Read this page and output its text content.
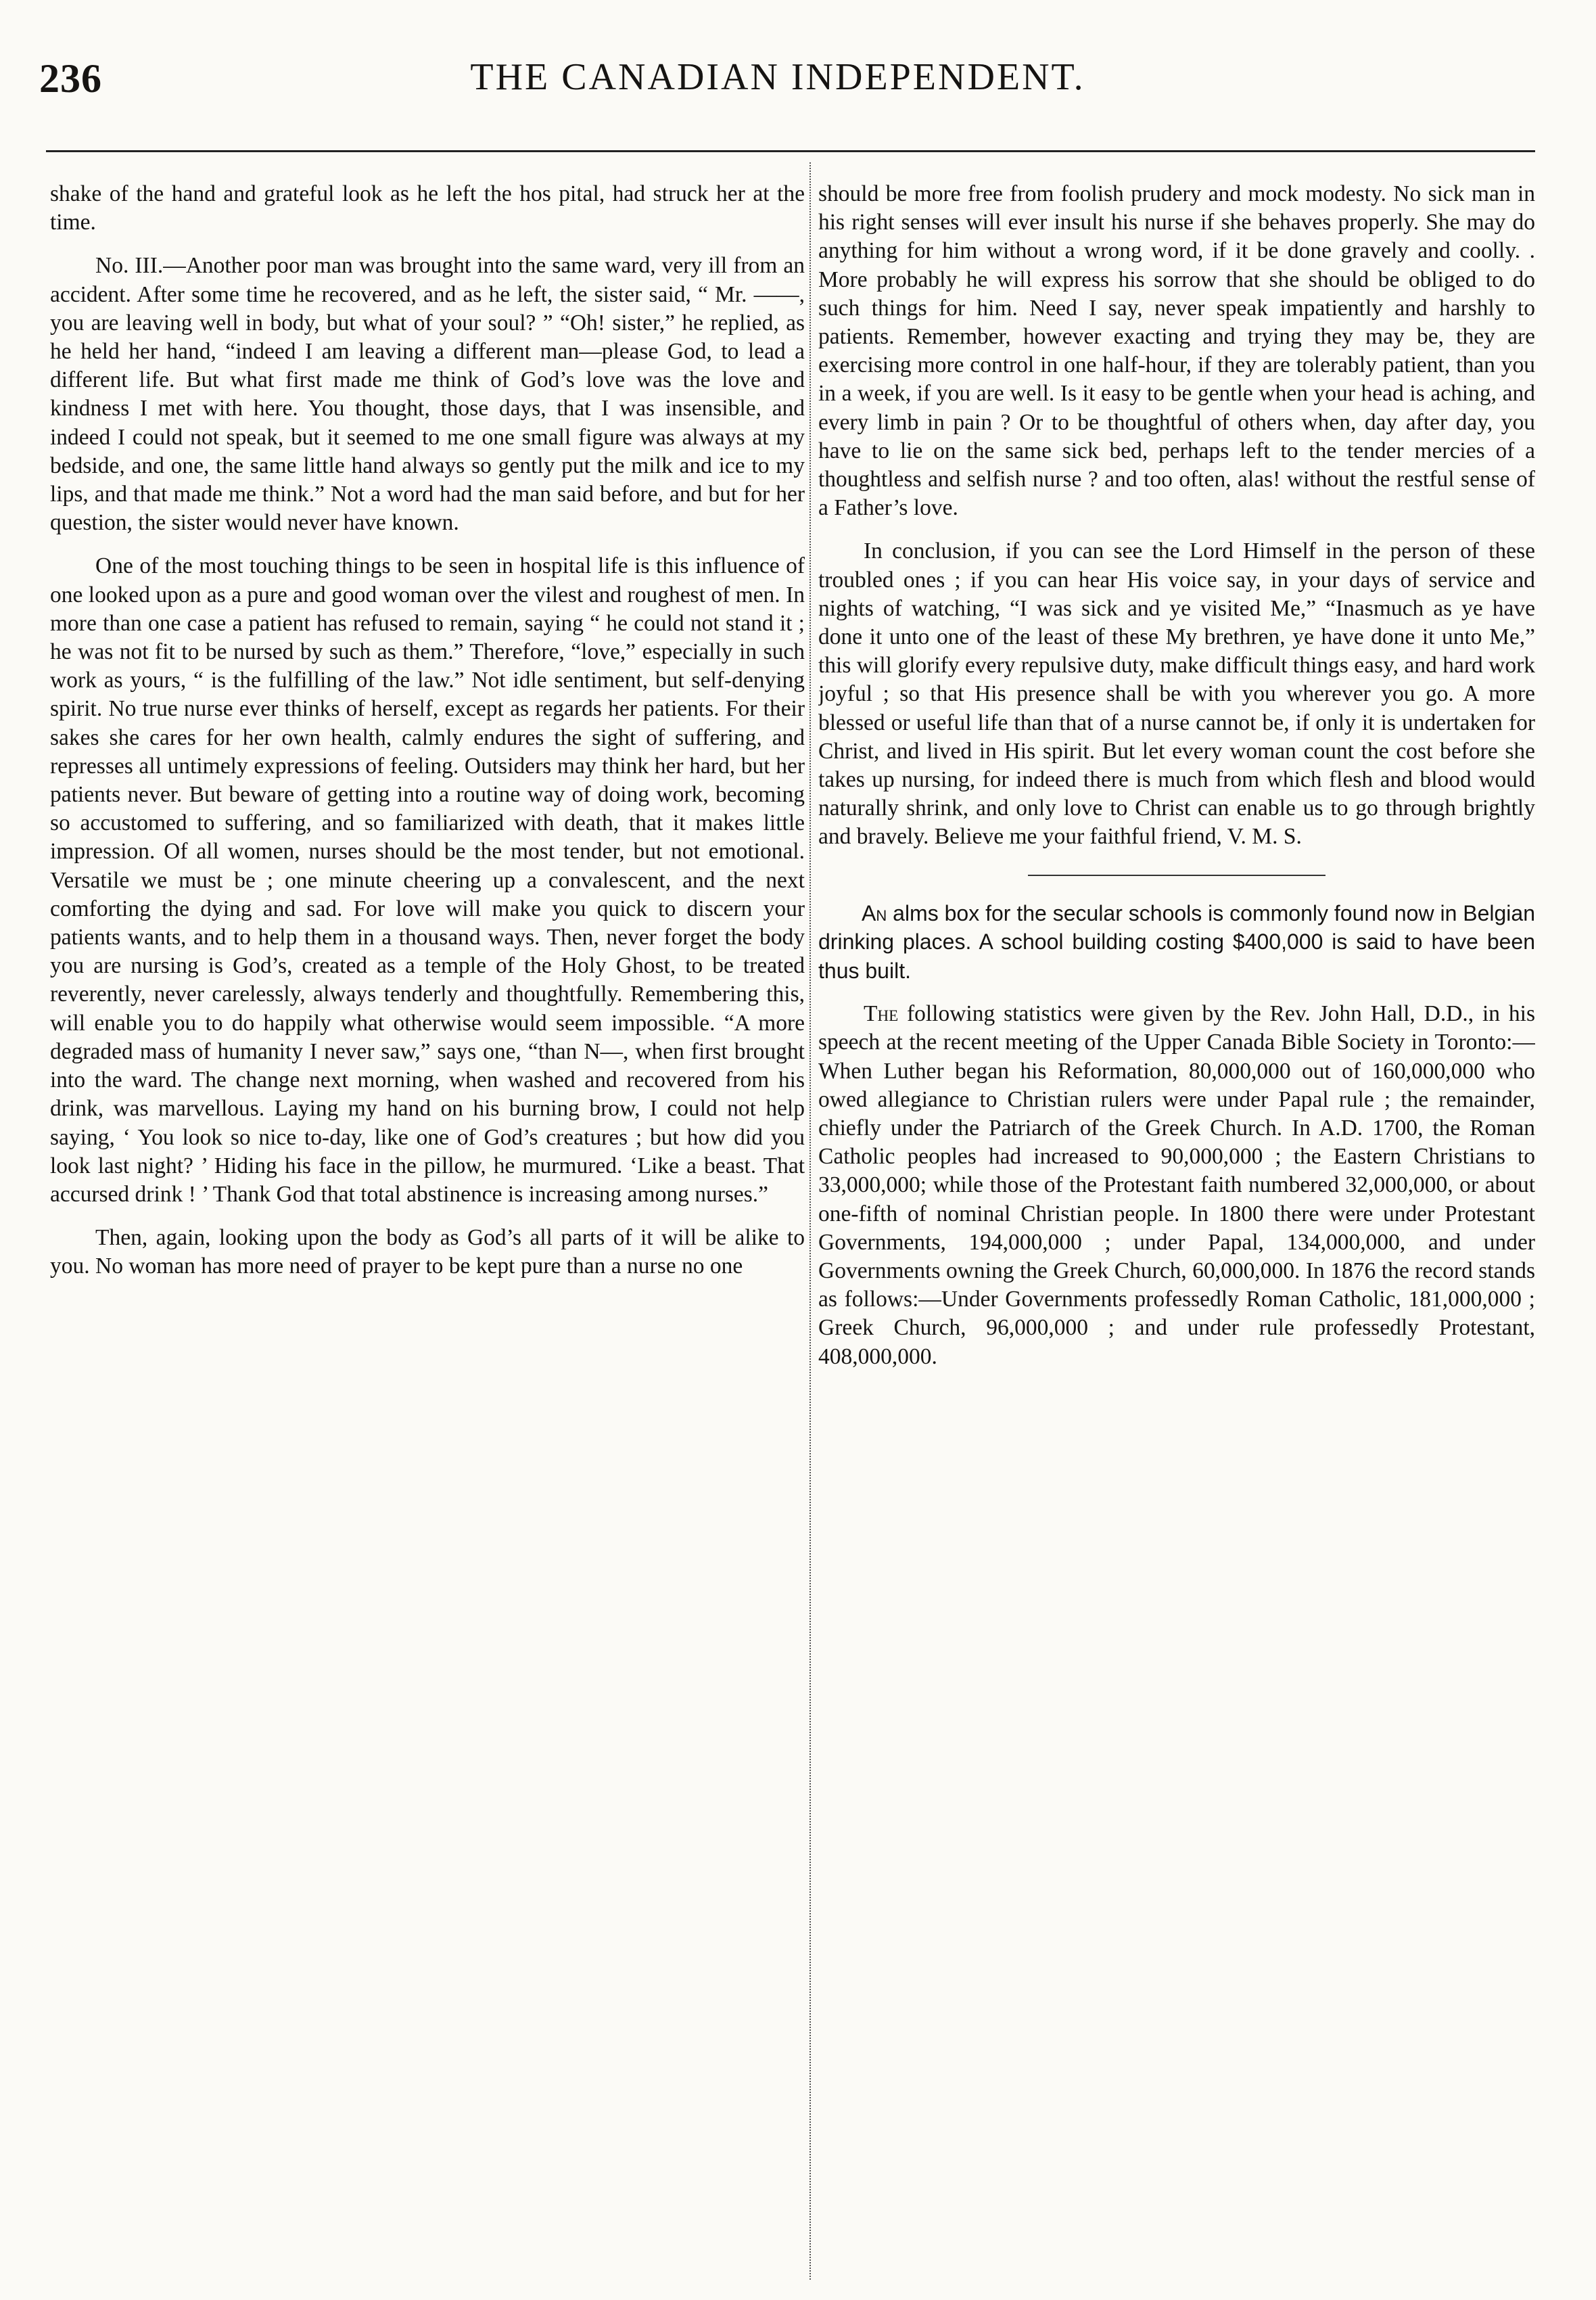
236	THE CANADIAN INDEPENDENT.

shake of the hand and grateful look as he left the hos pital, had struck her at the time.

No. III.—Another poor man was brought into the same ward, very ill from an accident. After some time he recovered, and as he left, the sister said, “ Mr. ——, you are leaving well in body, but what of your soul? ” “Oh! sister,” he replied, as he held her hand, “indeed I am leaving a different man—please God, to lead a different life. But what first made me think of God’s love was the love and kindness I met with here. You thought, those days, that I was insensible, and indeed I could not speak, but it seemed to me one small figure was always at my bedside, and one, the same little hand always so gently put the milk and ice to my lips, and that made me think.” Not a word had the man said before, and but for her question, the sister would never have known.

One of the most touching things to be seen in hospital life is this influence of one looked upon as a pure and good woman over the vilest and roughest of men. In more than one case a patient has refused to remain, saying “ he could not stand it ; he was not fit to be nursed by such as them.” Therefore, “love,” especially in such work as yours, “ is the fulfilling of the law.” Not idle sentiment, but self-denying spirit. No true nurse ever thinks of herself, except as regards her patients. For their sakes she cares for her own health, calmly endures the sight of suffering, and represses all untimely expressions of feeling. Outsiders may think her hard, but her patients never. But beware of getting into a routine way of doing work, becoming so accustomed to suffering, and so familiarized with death, that it makes little impression. Of all women, nurses should be the most tender, but not emotional. Versatile we must be ; one minute cheering up a convalescent, and the next comforting the dying and sad. For love will make you quick to discern your patients wants, and to help them in a thousand ways. Then, never forget the body you are nursing is God’s, created as a temple of the Holy Ghost, to be treated reverently, never carelessly, always tenderly and thoughtfully. Remembering this, will enable you to do happily what otherwise would seem impossible. “A more degraded mass of humanity I never saw,” says one, “than N—, when first brought into the ward. The change next morning, when washed and recovered from his drink, was marvellous. Laying my hand on his burning brow, I could not help saying, ‘ You look so nice to-day, like one of God’s creatures ; but how did you look last night? ’ Hiding his face in the pillow, he murmured. ‘Like a beast. That accursed drink ! ’ Thank God that total abstinence is increasing among nurses.”

Then, again, looking upon the body as God’s all parts of it will be alike to you. No woman has more need of prayer to be kept pure than a nurse no one

should be more free from foolish prudery and mock modesty. No sick man in his right senses will ever insult his nurse if she behaves properly. She may do anything for him without a wrong word, if it be done gravely and coolly. . More probably he will express his sorrow that she should be obliged to do such things for him. Need I say, never speak impatiently and harshly to patients. Remember, however exacting and trying they may be, they are exercising more control in one half-hour, if they are tolerably patient, than you in a week, if you are well. Is it easy to be gentle when your head is aching, and every limb in pain ? Or to be thoughtful of others when, day after day, you have to lie on the same sick bed, perhaps left to the tender mercies of a thoughtless and selfish nurse ? and too often, alas! without the restful sense of a Father’s love.

In conclusion, if you can see the Lord Himself in the person of these troubled ones ; if you can hear His voice say, in your days of service and nights of watching, “I was sick and ye visited Me,” “Inasmuch as ye have done it unto one of the least of these My brethren, ye have done it unto Me,” this will glorify every repulsive duty, make difficult things easy, and hard work joyful ; so that His presence shall be with you wherever you go. A more blessed or useful life than that of a nurse cannot be, if only it is undertaken for Christ, and lived in His spirit. But let every woman count the cost before she takes up nursing, for indeed there is much from which flesh and blood would naturally shrink, and only love to Christ can enable us to go through brightly and bravely. Believe me your faithful friend, V. M. S.

An alms box for the secular schools is commonly found now in Belgian drinking places. A school building costing $400,000 is said to have been thus built.

The following statistics were given by the Rev. John Hall, D.D., in his speech at the recent meeting of the Upper Canada Bible Society in Toronto:—When Luther began his Reformation, 80,000,000 out of 160,000,000 who owed allegiance to Christian rulers were under Papal rule ; the remainder, chiefly under the Patriarch of the Greek Church. In A.D. 1700, the Roman Catholic peoples had increased to 90,000,000 ; the Eastern Christians to 33,000,000; while those of the Protestant faith numbered 32,000,000, or about one-fifth of nominal Christian people. In 1800 there were under Protestant Governments, 194,000,000 ; under Papal, 134,000,000, and under Governments owning the Greek Church, 60,000,000. In 1876 the record stands as follows:—Under Governments professedly Roman Catholic, 181,000,000 ; Greek Church, 96,000,000 ; and under rule professedly Protestant, 408,000,000.
